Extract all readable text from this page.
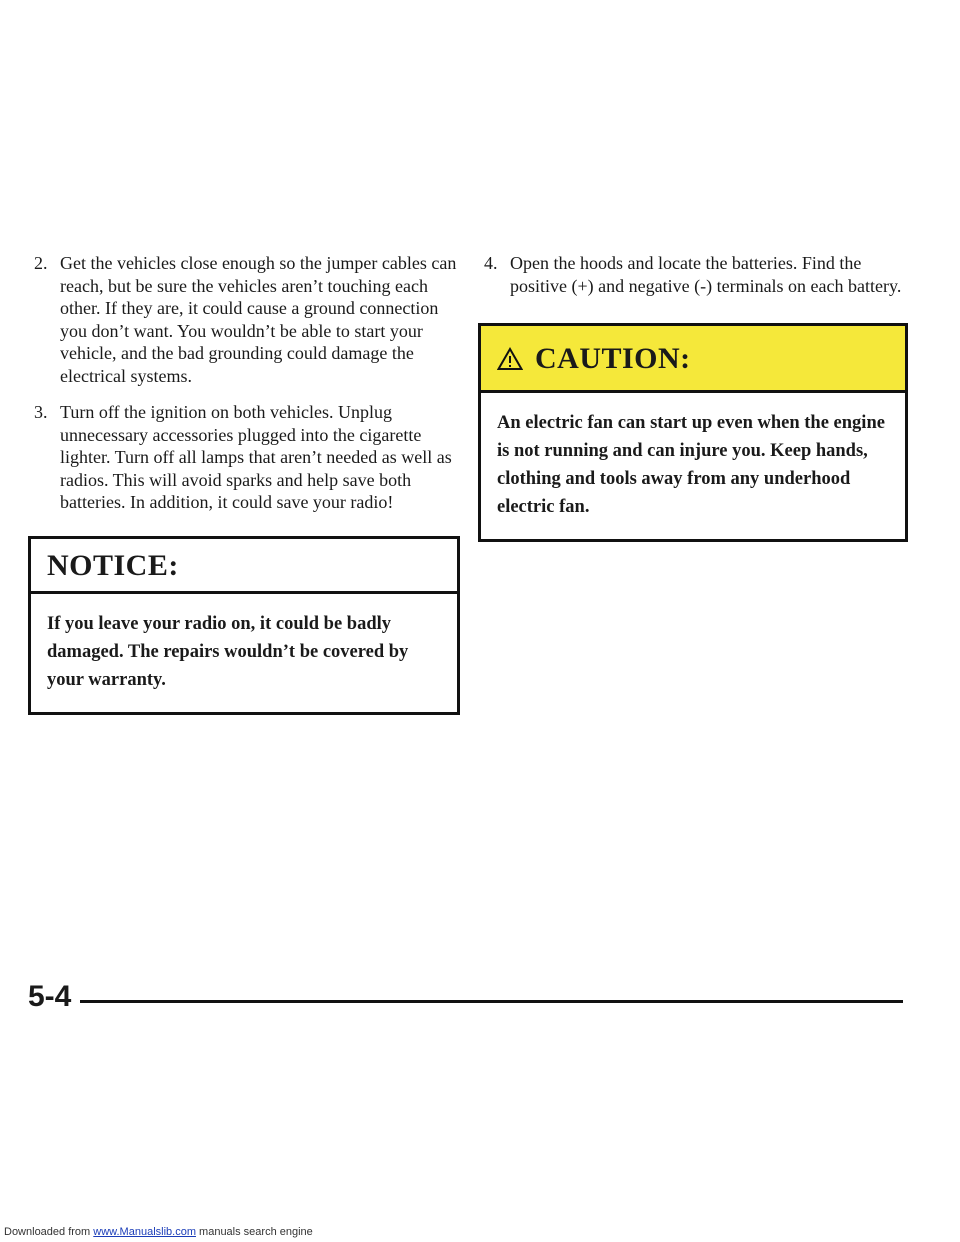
2. Get the vehicles close enough so the jumper cables can reach, but be sure the vehicles aren’t touching each other. If they are, it could cause a ground connection you don’t want. You wouldn’t be able to start your vehicle, and the bad grounding could damage the electrical systems.
3. Turn off the ignition on both vehicles. Unplug unnecessary accessories plugged into the cigarette lighter. Turn off all lamps that aren’t needed as well as radios. This will avoid sparks and help save both batteries. In addition, it could save your radio!
NOTICE:
If you leave your radio on, it could be badly damaged. The repairs wouldn’t be covered by your warranty.
4. Open the hoods and locate the batteries. Find the positive (+) and negative (-) terminals on each battery.
CAUTION:
An electric fan can start up even when the engine is not running and can injure you. Keep hands, clothing and tools away from any underhood electric fan.
5-4
Downloaded from www.Manualslib.com manuals search engine
